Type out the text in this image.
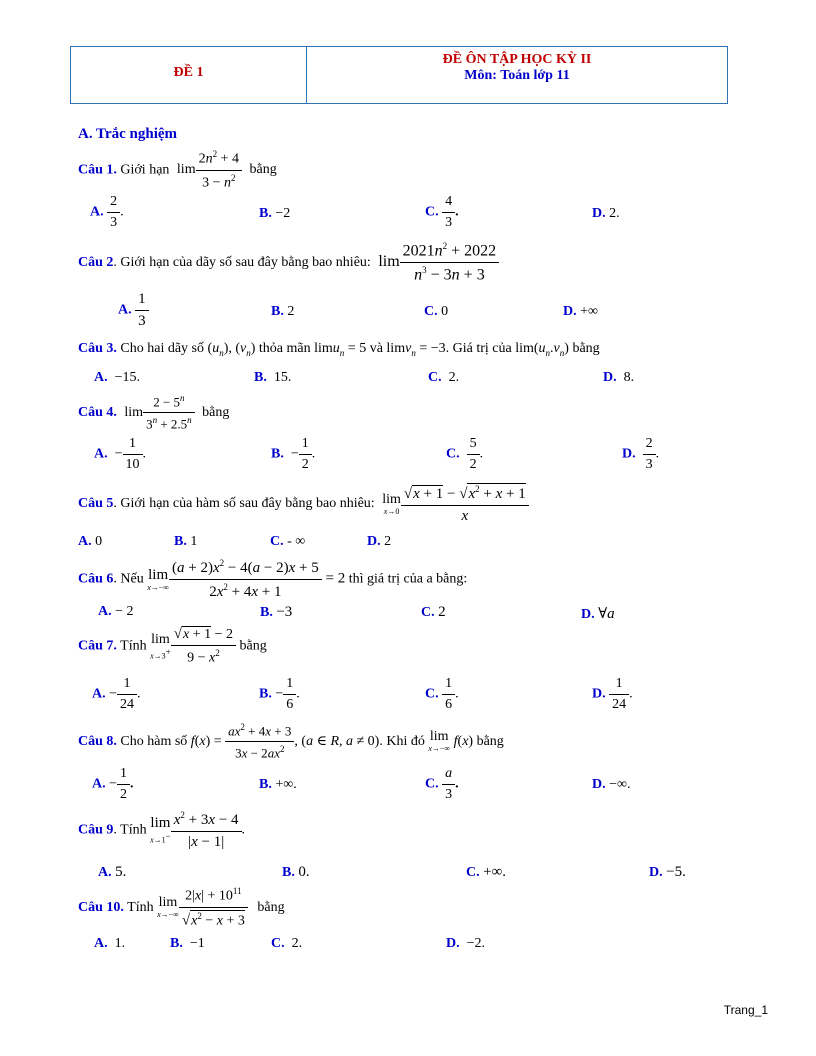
ĐỀ 1
ĐỀ ÔN TẬP HỌC KỲ II
Môn: Toán lớp 11
A. Trắc nghiệm
Câu 1. Giới hạn $\lim \frac{2n^2 + 4}{3 - n^2}$ bằng
A. $\frac{2}{3}$ .	B. −2	C. $\frac{4}{3}$ .	D. 2.
Câu 2. Giới hạn của dãy số sau đây bằng bao nhiêu: $\lim \frac{2021n^2 + 2022}{n^3 - 3n + 3}$
A. $\frac{1}{3}$	B. 2	C. 0	D. +∞
Câu 3. Cho hai dãy số $(u_n)$, $(v_n)$ thỏa mãn limu$_n$ = 5 và limv$_n$ = −3. Giá trị của $\lim(u_n.v_n)$ bằng
A. −15.	B. 15.	C. 2.	D. 8.
Câu 4. $\lim \frac{2 - 5^n}{3^n + 2.5^n}$ bằng
A.  − $\frac{1}{10}$ .	B.  − $\frac{1}{2}$ .	C. $\frac{5}{2}$ .	D. $\frac{2}{3}$ .
Câu 5. Giới hạn của hàm số sau đây bằng bao nhiêu: lim
$x\to 0 \frac{√x + 1 - √x^2 + x + 1}{x}$
A. 0	B. 1	C. - ∞	D. 2
Câu 6. Nếu lim
$x\to-\infty \frac{(a + 2)x^2 - 4(a - 2)x + 5}{2x^2 + 4x + 1} = 2$ thì giá trị của a bằng:
A. − 2	B. −3	C. 2	D. ∀a
Câu 7. Tính lim
$x\to 3^+ \frac{√x + 1 - 2}{9 - x^2}$ bằng
A. − $\frac{1}{24}$ .	B. − $\frac{1}{6}$ .	C. $\frac{1}{6}$ .	D. $\frac{1}{24}$ .
Câu 8. Cho hàm số $f(x) = \frac{ax^2 + 4x + 3}{3x - 2ax^2}$ , (a ∈ R, a ≠ 0). Khi đó lim
x→−∞ f(x) bằng
A. − $\frac{1}{2}$ .	B. +∞.	C. $\frac{a}{3}$ .	D. −∞.
Câu 9. Tính lim
$x\to 1^- \frac{x^2 + 3x - 4}{|x - 1|}$ .
A. 5.	B. 0.	C. +∞.	D. −5.
Câu 10. Tính lim
$x\to-\infty \frac{2|x| + 10^{11}}{√x^2 - x + 3}$ bằng
A. 1.	B. −1	C. 2.	D. −2.
Trang_1
